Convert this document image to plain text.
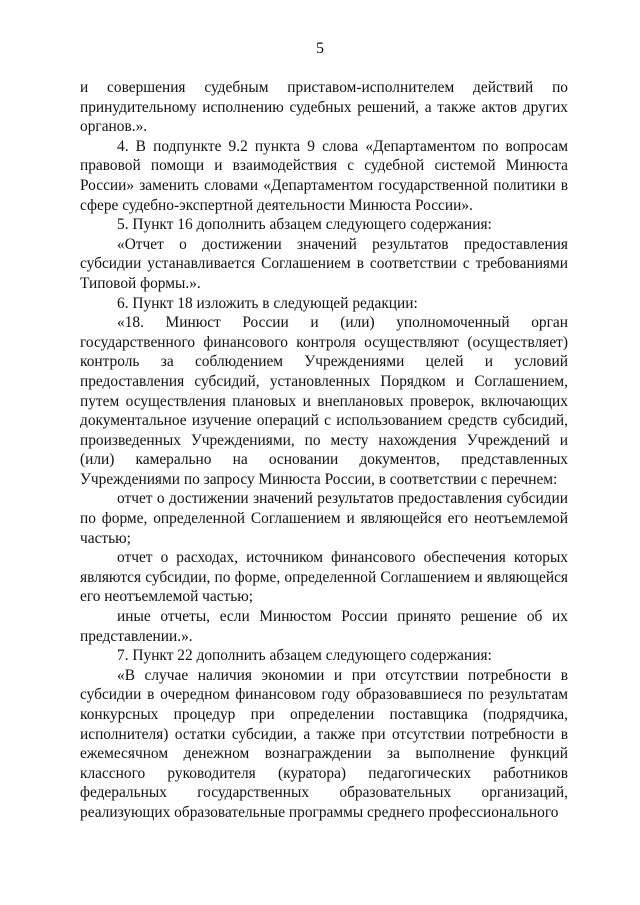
5

и совершения судебным приставом-исполнителем действий по принудительному исполнению судебных решений, а также актов других органов.».

4. В подпункте 9.2 пункта 9 слова «Департаментом по вопросам правовой помощи и взаимодействия с судебной системой Минюста России» заменить словами «Департаментом государственной политики в сфере судебно-экспертной деятельности Минюста России».

5. Пункт 16 дополнить абзацем следующего содержания:

«Отчет о достижении значений результатов предоставления субсидии устанавливается Соглашением в соответствии с требованиями Типовой формы.».

6. Пункт 18 изложить в следующей редакции:

«18. Минюст России и (или) уполномоченный орган государственного финансового контроля осуществляют (осуществляет) контроль за соблюдением Учреждениями целей и условий предоставления субсидий, установленных Порядком и Соглашением, путем осуществления плановых и внеплановых проверок, включающих документальное изучение операций с использованием средств субсидий, произведенных Учреждениями, по месту нахождения Учреждений и (или) камерально на основании документов, представленных Учреждениями по запросу Минюста России, в соответствии с перечнем:

отчет о достижении значений результатов предоставления субсидии по форме, определенной Соглашением и являющейся его неотъемлемой частью;

отчет о расходах, источником финансового обеспечения которых являются субсидии, по форме, определенной Соглашением и являющейся его неотъемлемой частью;

иные отчеты, если Минюстом России принято решение об их представлении.».

7. Пункт 22 дополнить абзацем следующего содержания:

«В случае наличия экономии и при отсутствии потребности в субсидии в очередном финансовом году образовавшиеся по результатам конкурсных процедур при определении поставщика (подрядчика, исполнителя) остатки субсидии, а также при отсутствии потребности в ежемесячном денежном вознаграждении за выполнение функций классного руководителя (куратора) педагогических работников федеральных государственных образовательных организаций, реализующих образовательные программы среднего профессионального
